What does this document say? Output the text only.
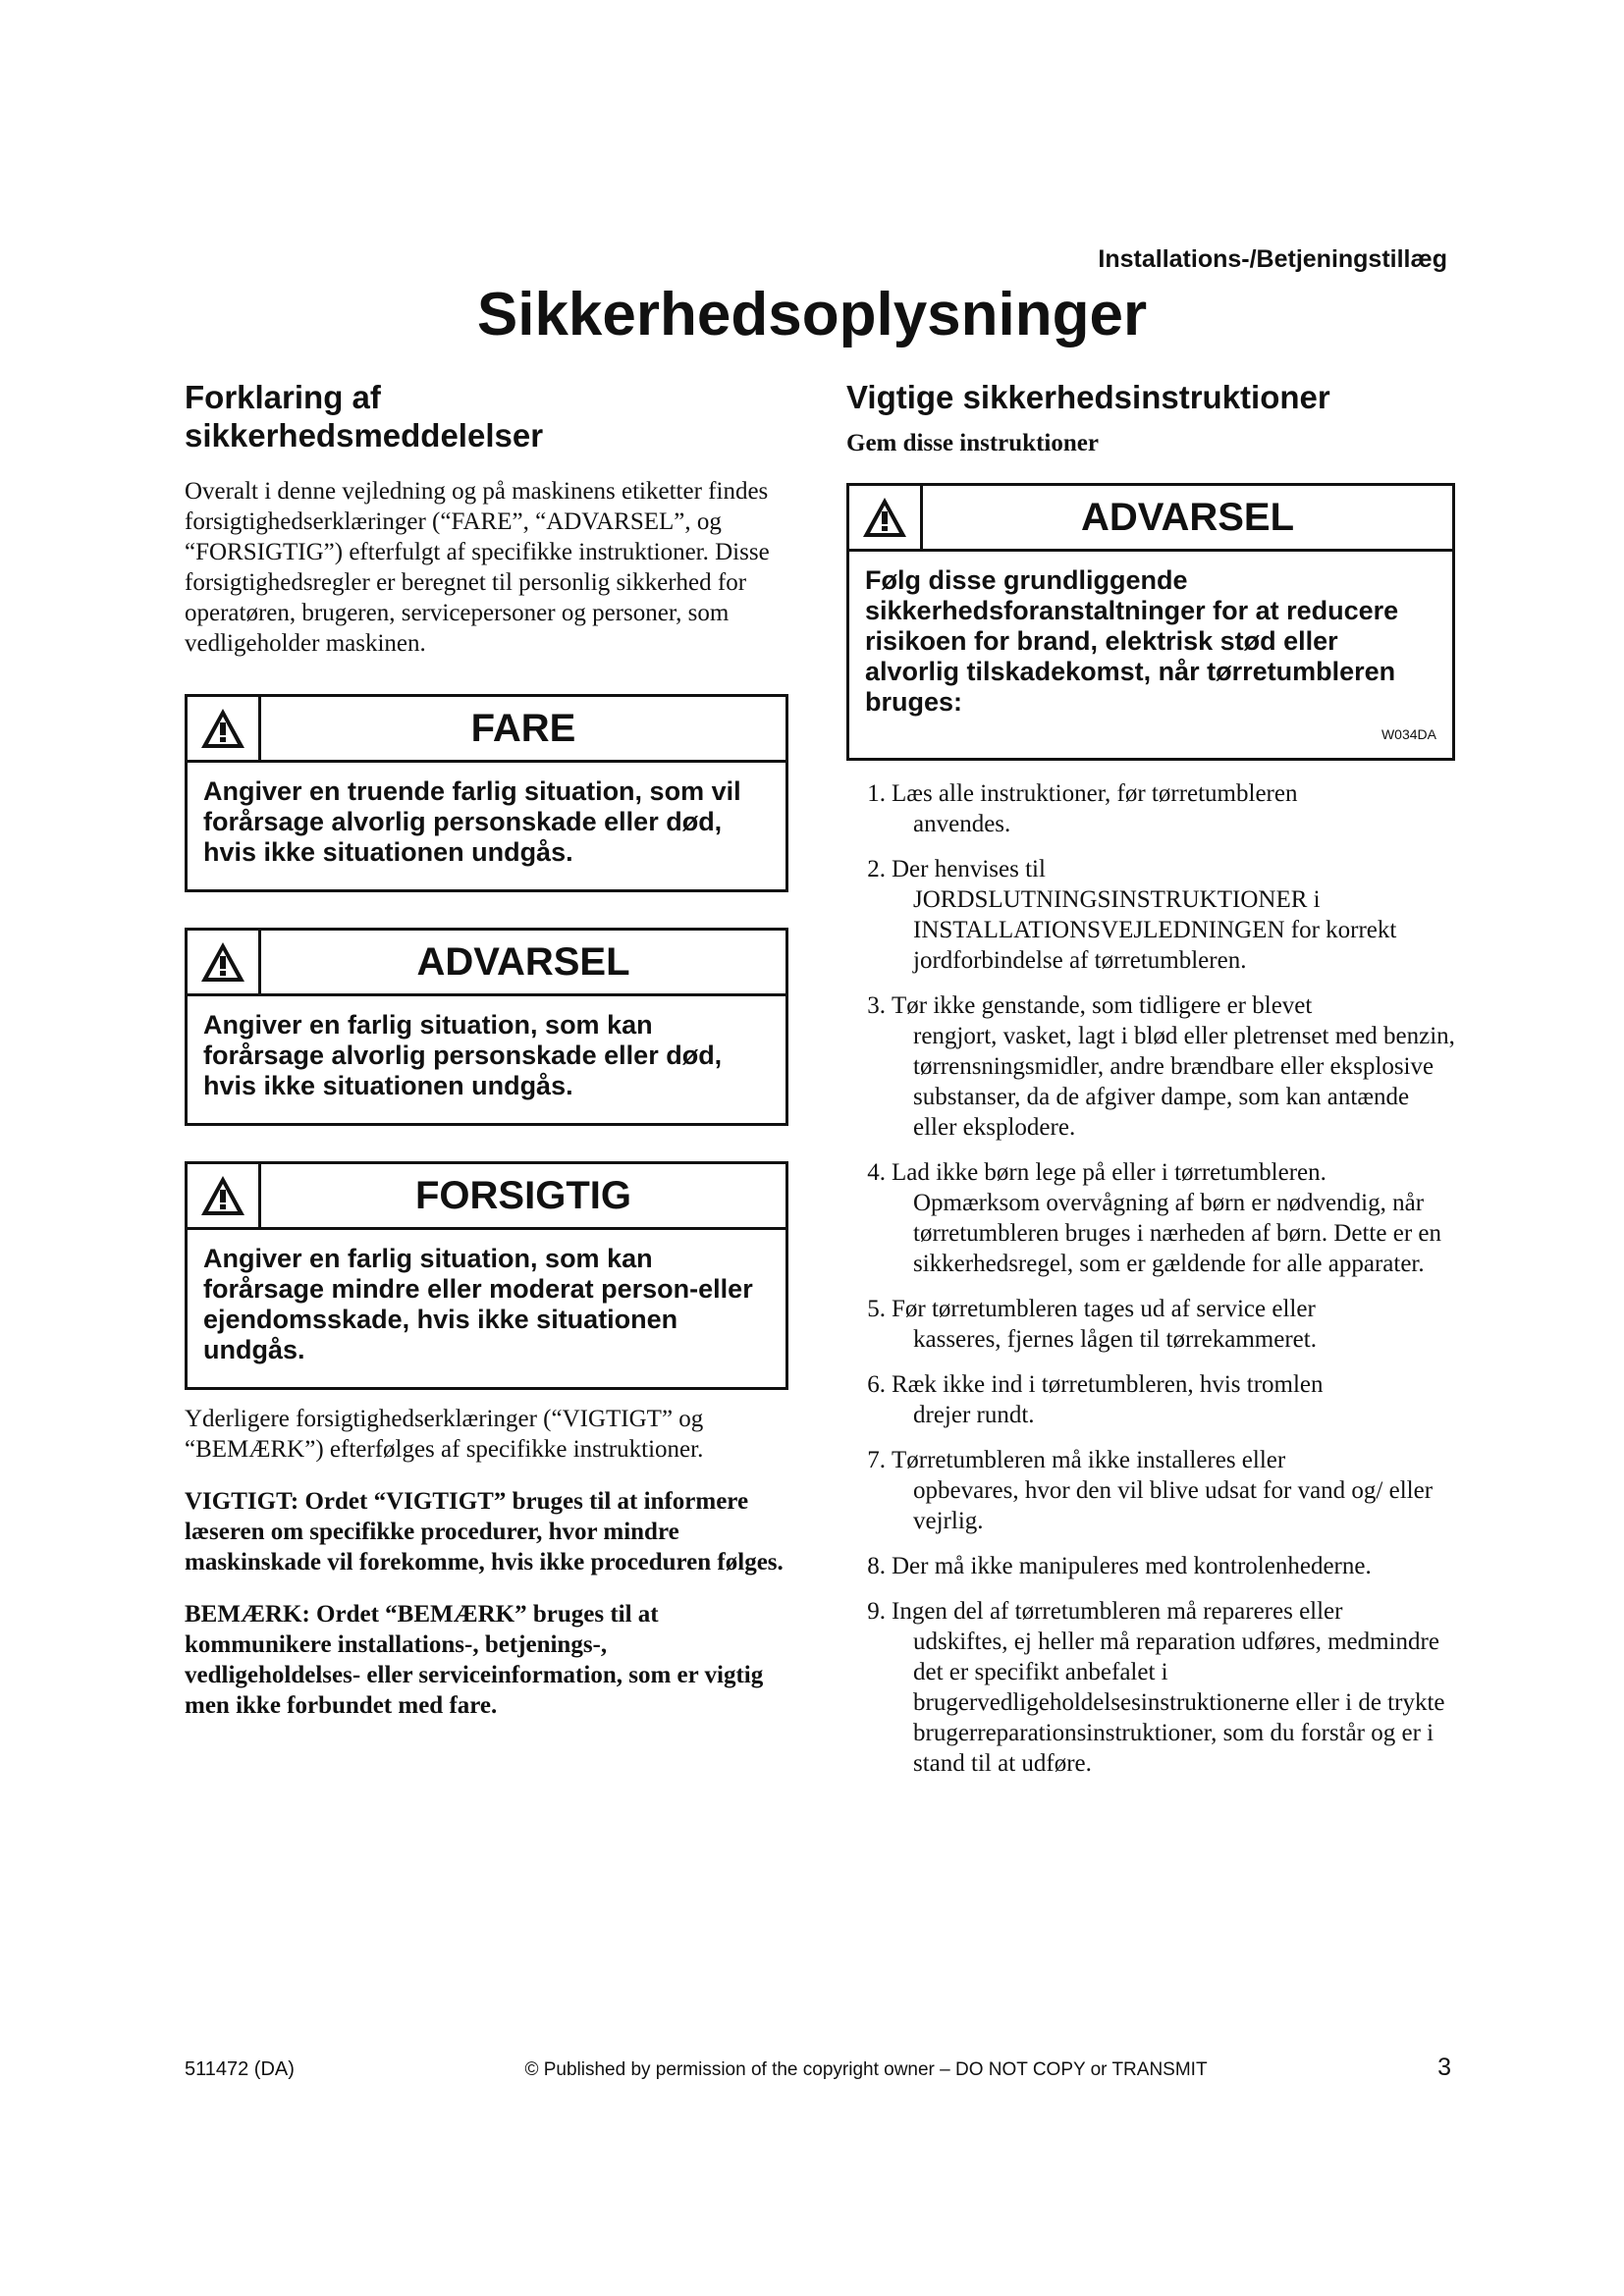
Installations-/Betjeningstillæg
Sikkerhedsoplysninger
Forklaring af
sikkerhedsmeddelelser

Overalt i denne vejledning og på maskinens etiketter findes forsigtighedserklæringer (“FARE”, “ADVARSEL”, og “FORSIGTIG”) efterfulgt af specifikke instruktioner. Disse forsigtighedsregler er beregnet til personlig sikkerhed for operatøren, brugeren, servicepersoner og personer, som vedligeholder maskinen.

FARE
Angiver en truende farlig situation, som vil forårsage alvorlig personskade eller død, hvis ikke situationen undgås.
ADVARSEL
Angiver en farlig situation, som kan forårsage alvorlig personskade eller død, hvis ikke situationen undgås.
FORSIGTIG
Angiver en farlig situation, som kan forårsage mindre eller moderat person-eller ejendomsskade, hvis ikke situationen undgås.

Yderligere forsigtighedserklæringer (“VIGTIGT” og “BEMÆRK”) efterfølges af specifikke instruktioner.

VIGTIGT: Ordet “VIGTIGT” bruges til at informere læseren om specifikke procedurer, hvor mindre maskinskade vil forekomme, hvis ikke proceduren følges.

BEMÆRK: Ordet “BEMÆRK” bruges til at kommunikere installations-, betjenings-, vedligeholdelses- eller serviceinformation, som er vigtig men ikke forbundet med fare.

Vigtige sikkerhedsinstruktioner

Gem disse instruktioner

ADVARSEL
Følg disse grundliggende sikkerhedsforanstaltninger for at reducere risikoen for brand, elektrisk stød eller alvorlig tilskadekomst, når tørretumbleren bruges:
W034DA
1. Læs alle instruktioner, før tørretumbleren
anvendes.
2. Der henvises til
JORDSLUTNINGSINSTRUKTIONER i INSTALLATIONSVEJLEDNINGEN for korrekt jordforbindelse af tørretumbleren.
3. Tør ikke genstande, som tidligere er blevet
rengjort, vasket, lagt i blød eller pletrenset med benzin, tørrensningsmidler, andre brændbare eller eksplosive substanser, da de afgiver dampe, som kan antænde eller eksplodere.
4. Lad ikke børn lege på eller i tørretumbleren.
Opmærksom overvågning af børn er nødvendig, når tørretumbleren bruges i nærheden af børn. Dette er en sikkerhedsregel, som er gældende for alle apparater.
5. Før tørretumbleren tages ud af service eller
kasseres, fjernes lågen til tørrekammeret.
6. Ræk ikke ind i tørretumbleren, hvis tromlen
drejer rundt.
7. Tørretumbleren må ikke installeres eller
opbevares, hvor den vil blive udsat for vand og/ eller vejrlig.
8. Der må ikke manipuleres med kontrolenhederne.
9. Ingen del af tørretumbleren må repareres eller
udskiftes, ej heller må reparation udføres, medmindre det er specifikt anbefalet i brugervedligeholdelsesinstruktionerne eller i de trykte brugerreparationsinstruktioner, som du forstår og er i stand til at udføre.
511472 (DA)	© Published by permission of the copyright owner – DO NOT COPY or TRANSMIT	3
